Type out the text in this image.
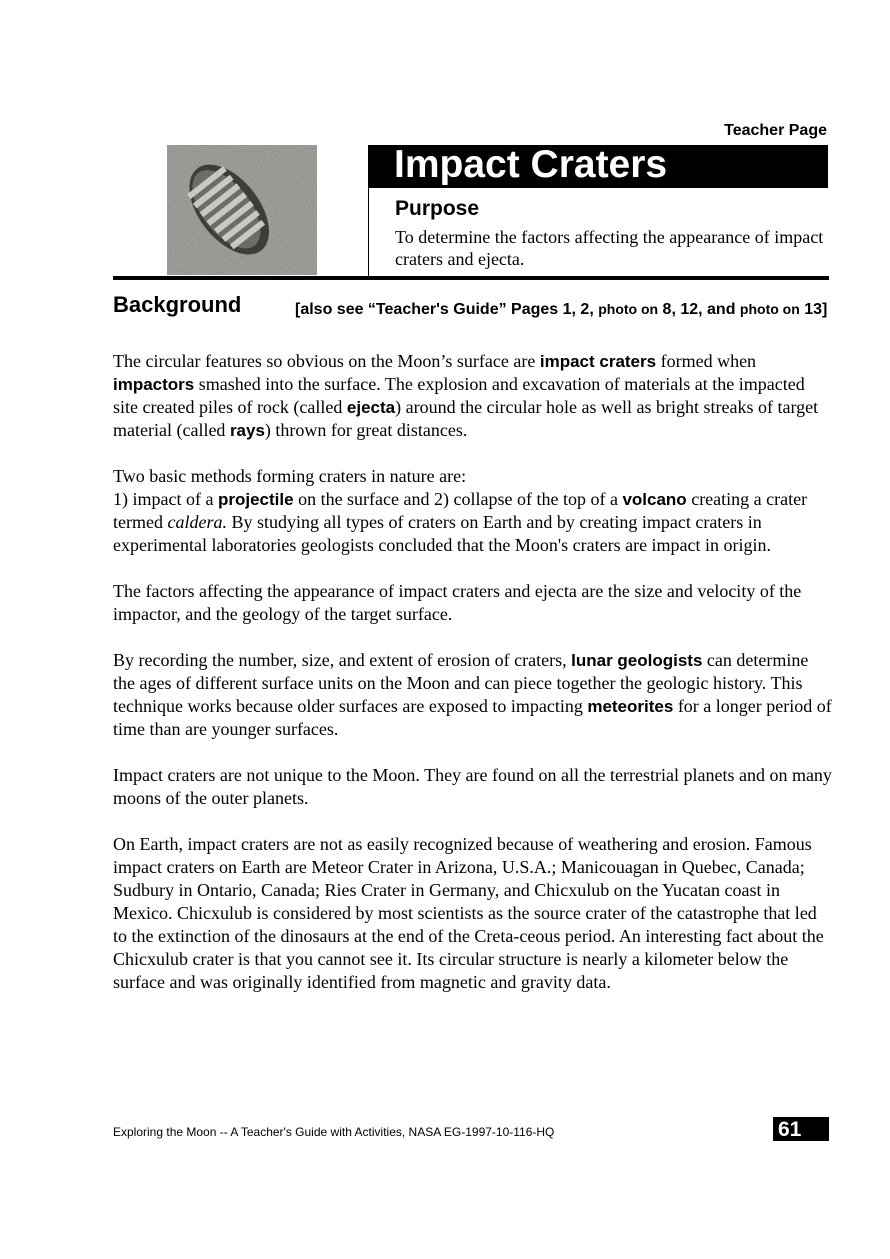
Teacher Page
Impact Craters
Purpose
To determine the factors affecting the appearance of impact craters and ejecta.
Background	[also see “Teacher's Guide” Pages 1, 2, photo on 8, 12, and photo on 13]

The circular features so obvious on the Moon’s surface are impact craters formed when impactors smashed into the surface. The explosion and excavation of materials at the impacted site created piles of rock (called ejecta) around the circular hole as well as bright streaks of target material (called rays) thrown for great distances.

Two basic methods forming craters in nature are:
1) impact of a projectile on the surface and 2) collapse of the top of a volcano creating a crater termed caldera. By studying all types of craters on Earth and by creating impact craters in experimental laboratories geologists concluded that the Moon's craters are impact in origin.

The factors affecting the appearance of impact craters and ejecta are the size and velocity of the impactor, and the geology of the target surface.

By recording the number, size, and extent of erosion of craters, lunar geologists can determine the ages of different surface units on the Moon and can piece together the geologic history. This technique works because older surfaces are exposed to impacting meteorites for a longer period of time than are younger surfaces.

Impact craters are not unique to the Moon. They are found on all the terrestrial planets and on many moons of the outer planets.

On Earth, impact craters are not as easily recognized because of weathering and erosion. Famous impact craters on Earth are Meteor Crater in Arizona, U.S.A.; Manicouagan in Quebec, Canada; Sudbury in Ontario, Canada; Ries Crater in Germany, and Chicxulub on the Yucatan coast in Mexico. Chicxulub is considered by most scientists as the source crater of the catastrophe that led to the extinction of the dinosaurs at the end of the Creta-ceous period. An interesting fact about the Chicxulub crater is that you cannot see it. Its circular structure is nearly a kilometer below the surface and was originally identified from magnetic and gravity data.

Exploring the Moon -- A Teacher's Guide with Activities, NASA EG-1997-10-116-HQ	61
